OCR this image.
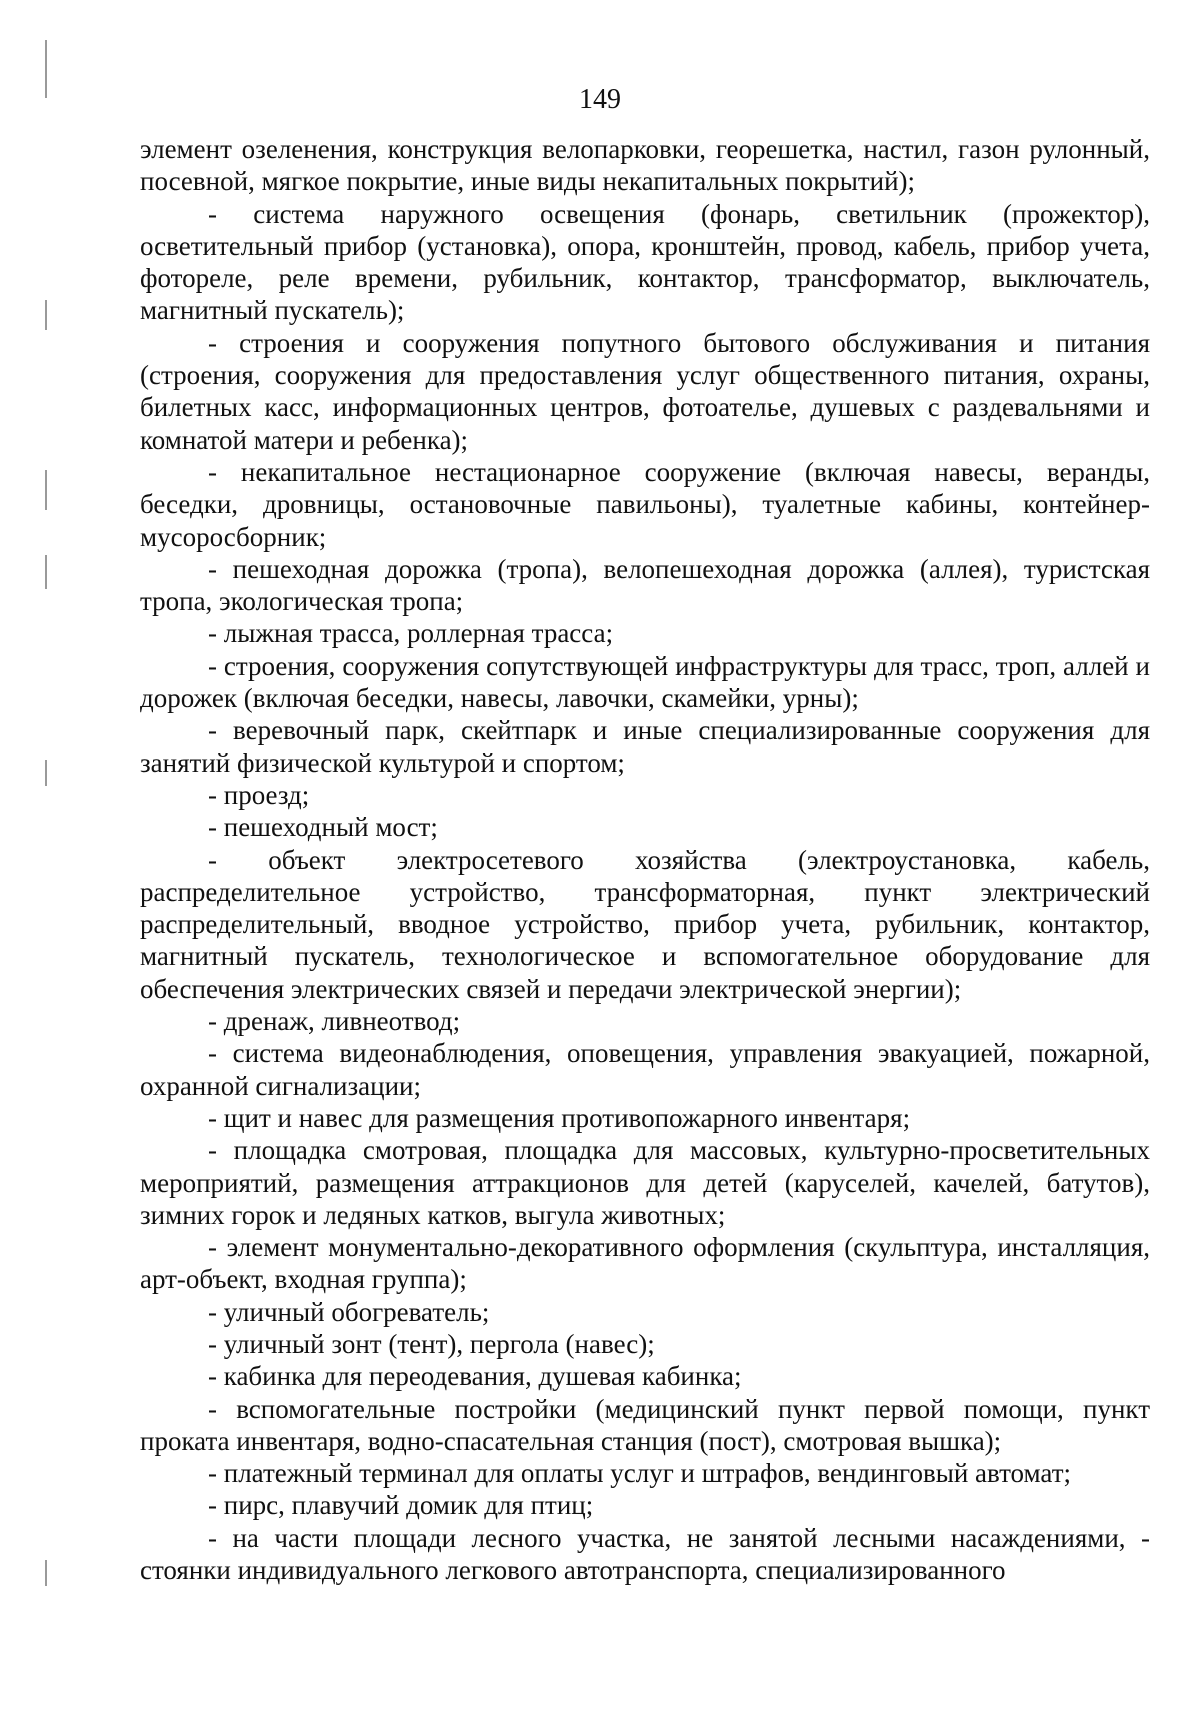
149

элемент озеленения, конструкция велопарковки, георешетка, настил, газон рулонный, посевной, мягкое покрытие, иные виды некапитальных покрытий);

- система наружного освещения (фонарь, светильник (прожектор), осветительный прибор (установка), опора, кронштейн, провод, кабель, прибор учета, фотореле, реле времени, рубильник, контактор, трансформатор, выключатель, магнитный пускатель);

- строения и сооружения попутного бытового обслуживания и питания (строения, сооружения для предоставления услуг общественного питания, охраны, билетных касс, информационных центров, фотоателье, душевых с раздевальнями и комнатой матери и ребенка);

- некапитальное нестационарное сооружение (включая навесы, веранды, беседки, дровницы, остановочные павильоны), туалетные кабины, контейнер-мусоросборник;

- пешеходная дорожка (тропа), велопешеходная дорожка (аллея), туристская тропа, экологическая тропа;

- лыжная трасса, роллерная трасса;

- строения, сооружения сопутствующей инфраструктуры для трасс, троп, аллей и дорожек (включая беседки, навесы, лавочки, скамейки, урны);

- веревочный парк, скейтпарк и иные специализированные сооружения для занятий физической культурой и спортом;

- проезд;

- пешеходный мост;

- объект электросетевого хозяйства (электроустановка, кабель, распределительное устройство, трансформаторная, пункт электрический распределительный, вводное устройство, прибор учета, рубильник, контактор, магнитный пускатель, технологическое и вспомогательное оборудование для обеспечения электрических связей и передачи электрической энергии);

- дренаж, ливнеотвод;

- система видеонаблюдения, оповещения, управления эвакуацией, пожарной, охранной сигнализации;

- щит и навес для размещения противопожарного инвентаря;

- площадка смотровая, площадка для массовых, культурно-просветительных мероприятий, размещения аттракционов для детей (каруселей, качелей, батутов), зимних горок и ледяных катков, выгула животных;

- элемент монументально-декоративного оформления (скульптура, инсталляция, арт-объект, входная группа);

- уличный обогреватель;

- уличный зонт (тент), пергола (навес);

- кабинка для переодевания, душевая кабинка;

- вспомогательные постройки (медицинский пункт первой помощи, пункт проката инвентаря, водно-спасательная станция (пост), смотровая вышка);

- платежный терминал для оплаты услуг и штрафов, вендинговый автомат;

- пирс, плавучий домик для птиц;

- на части площади лесного участка, не занятой лесными насаждениями, - стоянки индивидуального легкового автотранспорта, специализированного
